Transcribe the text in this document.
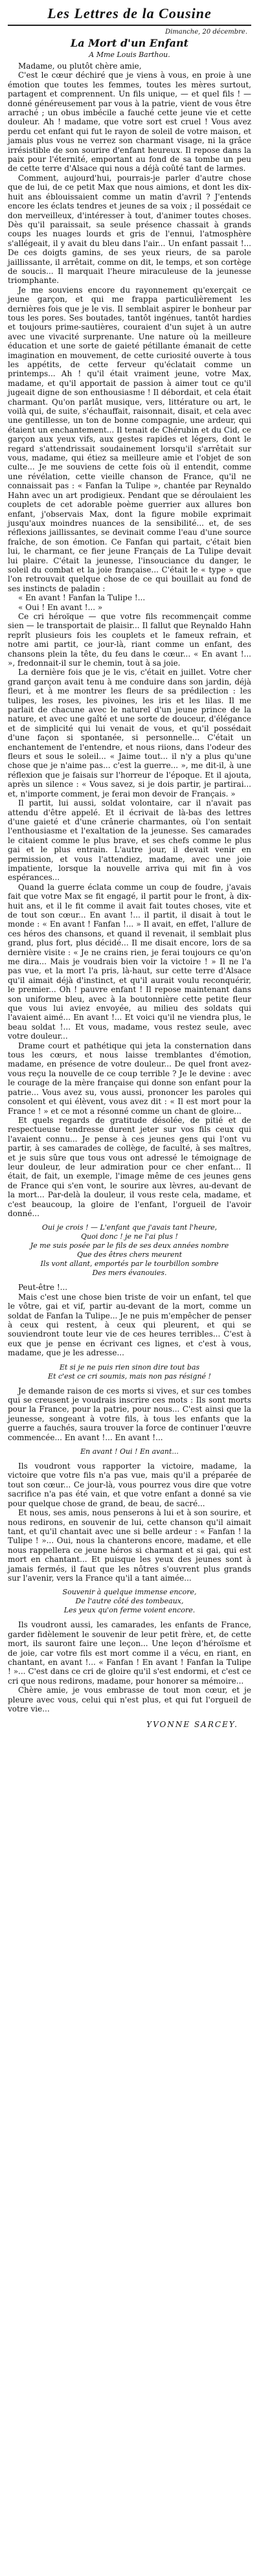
Les Lettres de la Cousine
Dimanche, 20 décembre.
La Mort d'un Enfant
A Mme Louis Barthou.

Madame, ou plutôt chère amie,

C'est le cœur déchiré que je viens à vous, en proie à une émotion que toutes les femmes, toutes les mères surtout, partagent et comprennent. Un fils unique, — et quel fils ! — donné généreusement par vous à la patrie, vient de vous être arraché ; un obus imbécile a fauché cette jeune vie et cette douleur. Ah ! madame, que votre sort est cruel ! Vous avez perdu cet enfant qui fut le rayon de soleil de votre maison, et jamais plus vous ne verrez son charmant visage, ni la grâce irrésistible de son sourire d'enfant heureux. Il repose dans la paix pour l'éternité, emportant au fond de sa tombe un peu de cette terre d'Alsace qui nous a déjà coûté tant de larmes.

Comment, aujourd'hui, pourrais-je parler d'autre chose que de lui, de ce petit Max que nous aimions, et dont les dix-huit ans éblouissaient comme un matin d'avril ? J'entends encore les éclats tendres et jeunes de sa voix ; il possédait ce don merveilleux, d'intéresser à tout, d'animer toutes choses. Dès qu'il paraissait, sa seule présence chassait à grands coups les nuages lourds et gris de l'ennui, l'atmosphère s'allégeait, il y avait du bleu dans l'air... Un enfant passait !... De ces doigts gamins, de ses yeux rieurs, de sa parole jaillissante, il arrêtait, comme on dit, le temps, et son cortège de soucis... Il marquait l'heure miraculeuse de la jeunesse triomphante.

Je me souviens encore du rayonnement qu'exerçait ce jeune garçon, et qui me frappa particulièrement les dernières fois que je le vis. Il semblait aspirer le bonheur par tous les pores. Ses boutades, tantôt ingénues, tantôt hardies et toujours prime-sautières, couraient d'un sujet à un autre avec une vivacité surprenante. Une nature où la meilleure éducation et une sorte de gaieté pétillante émanait de cette imagination en mouvement, de cette curiosité ouverte à tous les appétits, de cette ferveur qu'éclatait comme un printemps... Ah ! qu'il était vraiment jeune, votre Max, madame, et qu'il apportait de passion à aimer tout ce qu'il jugeait digne de son enthousiasme ! Il débordait, et cela était charmant. Qu'on parlât musique, vers, littérature ou art, le voilà qui, de suite, s'échauffait, raisonnait, disait, et cela avec une gentillesse, un ton de bonne compagnie, une ardeur, qui étaient un enchantement... Il tenait de Chérubin et du Cid, ce garçon aux yeux vifs, aux gestes rapides et légers, dont le regard s'attendrissait soudainement lorsqu'il s'arrêtait sur vous, madame, qui étiez sa meilleure amie et l'objet de son culte... Je me souviens de cette fois où il entendit, comme une révélation, cette vieille chanson de France, qu'il ne connaissait pas : « Fanfan la Tulipe », chantée par Reynaldo Hahn avec un art prodigieux. Pendant que se déroulaient les couplets de cet adorable poème guerrier aux allures bon enfant, j'observais Max, dont la figure mobile exprimait jusqu'aux moindres nuances de la sensibilité... et, de ses réflexions jaillissantes, se devinait comme l'eau d'une source fraîche, de son émotion. Ce Fanfan qui partait, c'était bien lui, le charmant, ce fier jeune Français de La Tulipe devait lui plaire. C'était la jeunesse, l'insouciance du danger, le soleil du combat et la joie française... C'était le « type » que l'on retrouvait quelque chose de ce qui bouillait au fond de ses instincts de paladin :

« En avant ! Fanfan la Tulipe !...

« Oui ! En avant !... »

Ce cri héroïque — que votre fils recommençait comme sien — le transportait de plaisir... Il fallut que Reynaldo Hahn reprît plusieurs fois les couplets et le fameux refrain, et notre ami partit, ce jour-là, riant comme un enfant, des chansons plein la tête, du feu dans le cœur... « En avant !... », fredonnait-il sur le chemin, tout à sa joie.

La dernière fois que je le vis, c'était en juillet. Votre cher grand garçon avait tenu à me conduire dans son jardin, déjà fleuri, et à me montrer les fleurs de sa prédilection : les tulipes, les roses, les pivoines, les iris et les lilas. Il me parlait de chacune avec le naturel d'un jeune prince de la nature, et avec une gaîté et une sorte de douceur, d'élégance et de simplicité qui lui venait de vous, et qu'il possédait d'une façon si spontanée, si personnelle... C'était un enchantement de l'entendre, et nous riions, dans l'odeur des fleurs et sous le soleil... « Jaime tout... il n'y a plus qu'une chose que je n'aime pas... c'est la guerre... », me dit-il, à une réflexion que je faisais sur l'horreur de l'époque. Et il ajouta, après un silence : « Vous savez, si je dois partir, je partirai... et, n'importe comment, je ferai mon devoir de Français. »

Il partit, lui aussi, soldat volontaire, car il n'avait pas attendu d'être appelé. Et il écrivait de là-bas des lettres d'une gaieté et d'une crânerie charmantes, où l'on sentait l'enthousiasme et l'exaltation de la jeunesse. Ses camarades le citaient comme le plus brave, et ses chefs comme le plus gai et le plus entrain. L'autre jour, il devait venir en permission, et vous l'attendiez, madame, avec une joie impatiente, lorsque la nouvelle arriva qui mit fin à vos espérances...

Quand la guerre éclata comme un coup de foudre, j'avais fait que votre Max se fit engagé, il partit pour le front, à dix-huit ans, et il le fit comme il avait fait toutes choses, vite et de tout son cœur... En avant !... il partit, il disait à tout le monde : « En avant ! Fanfan !... » Il avait, en effet, l'allure de ces héros des chansons, et quand il revenait, il semblait plus grand, plus fort, plus décidé... Il me disait encore, lors de sa dernière visite : « Je ne crains rien, je ferai toujours ce qu'on me dira... Mais je voudrais bien voir la victoire ! » Il ne l'a pas vue, et la mort l'a pris, là-haut, sur cette terre d'Alsace qu'il aimait déjà d'instinct, et qu'il aurait voulu reconquérir, le premier... Oh ! pauvre enfant ! Il repose maintenant dans son uniforme bleu, avec à la boutonnière cette petite fleur que vous lui aviez envoyée, au milieu des soldats qui l'avaient aimé... En avant !... Et voici qu'il ne viendra plus, le beau soldat !... Et vous, madame, vous restez seule, avec votre douleur...

Drame court et pathétique qui jeta la consternation dans tous les cœurs, et nous laisse tremblantes d'émotion, madame, en présence de votre douleur... De quel front avez-vous reçu la nouvelle de ce coup terrible ? Je le devine : avec le courage de la mère française qui donne son enfant pour la patrie... Vous avez su, vous aussi, prononcer les paroles qui consolent et qui élèvent, vous avez dit : « Il est mort pour la France ! » et ce mot a résonné comme un chant de gloire...

Et quels regards de gratitude désolée, de pitié et de respectueuse tendresse durent jeter sur vos fils ceux qui l'avaient connu... Je pense à ces jeunes gens qui l'ont vu partir, à ses camarades de collège, de faculté, à ses maîtres, et je suis sûre que tous vous ont adressé le témoignage de leur douleur, de leur admiration pour ce cher enfant... Il était, de fait, un exemple, l'image même de ces jeunes gens de France qui s'en vont, le sourire aux lèvres, au-devant de la mort... Par-delà la douleur, il vous reste cela, madame, et c'est beaucoup, la gloire de l'enfant, l'orgueil de l'avoir donné...

Oui je crois ! — L'enfant que j'avais tant l'heure,
Quoi donc ! je ne l'ai plus !
Je me suis posée par le fils de ses deux années nombre
Que des êtres chers meurent
Ils vont allant, emportés par le tourbillon sombre
Des mers évanouies.

Peut-être !...

Mais c'est une chose bien triste de voir un enfant, tel que le vôtre, gai et vif, partir au-devant de la mort, comme un soldat de Fanfan la Tulipe... Je ne puis m'empêcher de penser à ceux qui restent, à ceux qui pleurent, et qui se souviendront toute leur vie de ces heures terribles... C'est à eux que je pense en écrivant ces lignes, et c'est à vous, madame, que je les adresse...

Et si je ne puis rien sinon dire tout bas
Et c'est ce cri soumis, mais non pas résigné !

Je demande raison de ces morts si vives, et sur ces tombes qui se creusent je voudrais inscrire ces mots : Ils sont morts pour la France, pour la patrie, pour nous... C'est ainsi que la jeunesse, songeant à votre fils, à tous les enfants que la guerre a fauchés, saura trouver la force de continuer l'œuvre commencée... En avant !... En avant !...

En avant ! Oui ! En avant...

Ils voudront vous rapporter la victoire, madame, la victoire que votre fils n'a pas vue, mais qu'il a préparée de tout son cœur... Ce jour-là, vous pourrez vous dire que votre sacrifice n'a pas été vain, et que votre enfant a donné sa vie pour quelque chose de grand, de beau, de sacré...

Et nous, ses amis, nous penserons à lui et à son sourire, et nous redirons, en souvenir de lui, cette chanson qu'il aimait tant, et qu'il chantait avec une si belle ardeur : « Fanfan ! la Tulipe ! »... Oui, nous la chanterons encore, madame, et elle nous rappellera ce jeune héros si charmant et si gai, qui est mort en chantant... Et puisque les yeux des jeunes sont à jamais fermés, il faut que les nôtres s'ouvrent plus grands sur l'avenir, vers la France qu'il a tant aimée...

Souvenir à quelque immense encore,
De l'autre côté des tombeaux,
Les yeux qu'on ferme voient encore.

Ils voudront aussi, les camarades, les enfants de France, garder fidèlement le souvenir de leur petit frère, et, de cette mort, ils sauront faire une leçon... Une leçon d'héroïsme et de joie, car votre fils est mort comme il a vécu, en riant, en chantant, en avant !... « Fanfan ! En avant ! Fanfan la Tulipe ! »... C'est dans ce cri de gloire qu'il s'est endormi, et c'est ce cri que nous redirons, madame, pour honorer sa mémoire...

Chère amie, je vous embrasse de tout mon cœur, et je pleure avec vous, celui qui n'est plus, et qui fut l'orgueil de votre vie...

YVONNE SARCEY.
